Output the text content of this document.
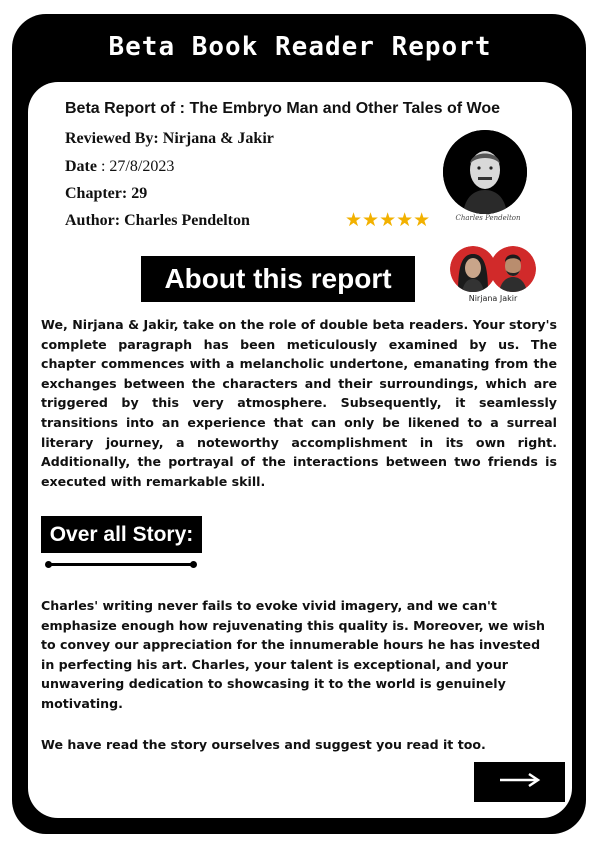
Beta Book Reader Report
Beta Report of : The Embryo Man and Other Tales of Woe
Reviewed By: Nirjana & Jakir
Date : 27/8/2023
Chapter: 29
Author: Charles Pendelton	★★★★★	Charles Pendelton
About this report
Nirjana Jakir
We, Nirjana & Jakir, take on the role of double beta readers. Your story's complete paragraph has been meticulously examined by us. The chapter commences with a melancholic undertone, emanating from the exchanges between the characters and their surroundings, which are triggered by this very atmosphere. Subsequently, it seamlessly transitions into an experience that can only be likened to a surreal literary journey, a noteworthy accomplishment in its own right. Additionally, the portrayal of the interactions between two friends is executed with remarkable skill.
Over all Story:
Charles' writing never fails to evoke vivid imagery, and we can't emphasize enough how rejuvenating this quality is. Moreover, we wish to convey our appreciation for the innumerable hours he has invested in perfecting his art. Charles, your talent is exceptional, and your unwavering dedication to showcasing it to the world is genuinely motivating.
We have read the story ourselves and suggest you read it too.
